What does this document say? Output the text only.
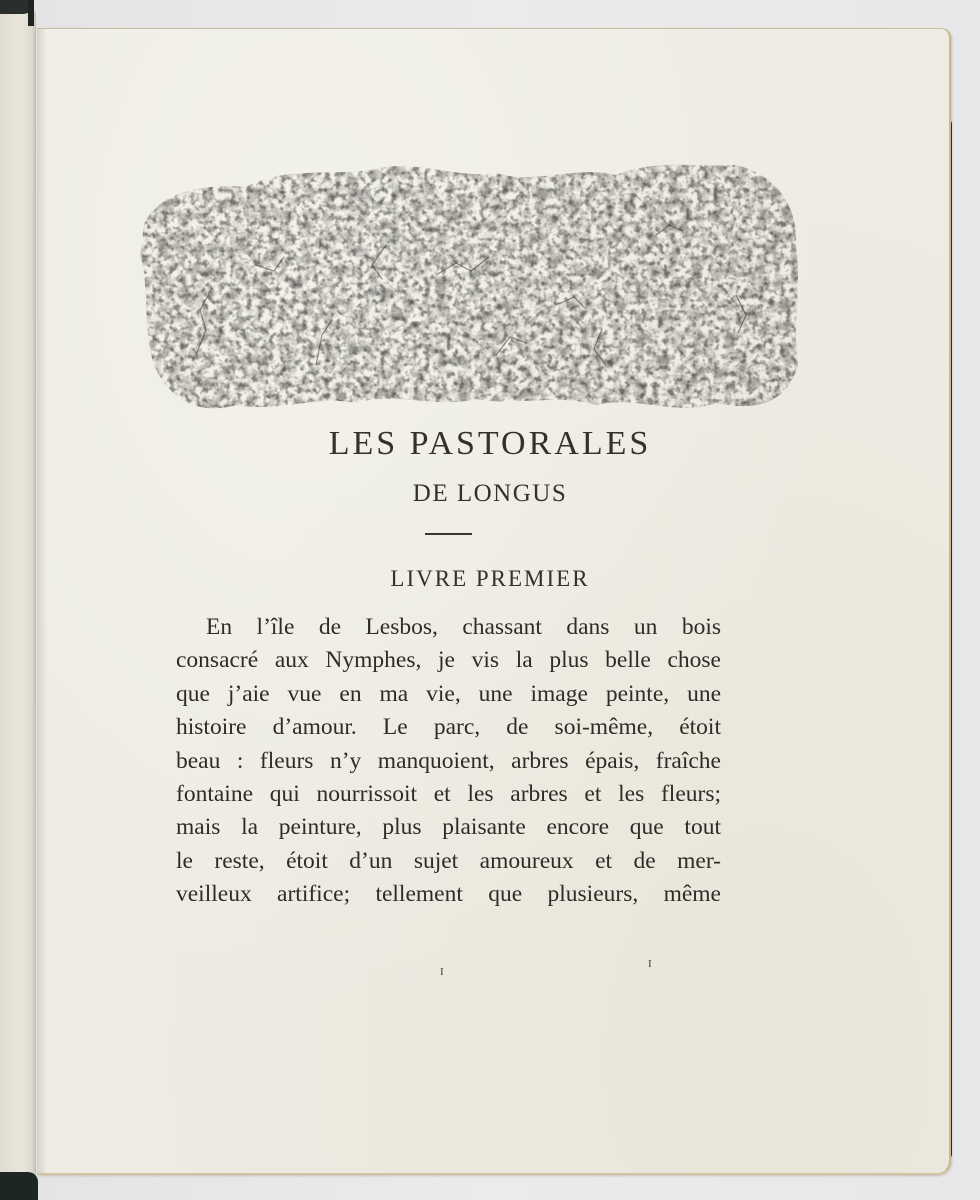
LES PASTORALES
DE LONGUS
LIVRE PREMIER
En l’île de Lesbos, chassant dans un bois
consacré aux Nymphes, je vis la plus belle chose
que j’aie vue en ma vie, une image peinte, une
histoire d’amour. Le parc, de soi-même, étoit
beau : fleurs n’y manquoient, arbres épais, fraîche
fontaine qui nourrissoit et les arbres et les fleurs;
mais la peinture, plus plaisante encore que tout
le reste, étoit d’un sujet amoureux et de mer-
veilleux artifice; tellement que plusieurs, même
I
I
